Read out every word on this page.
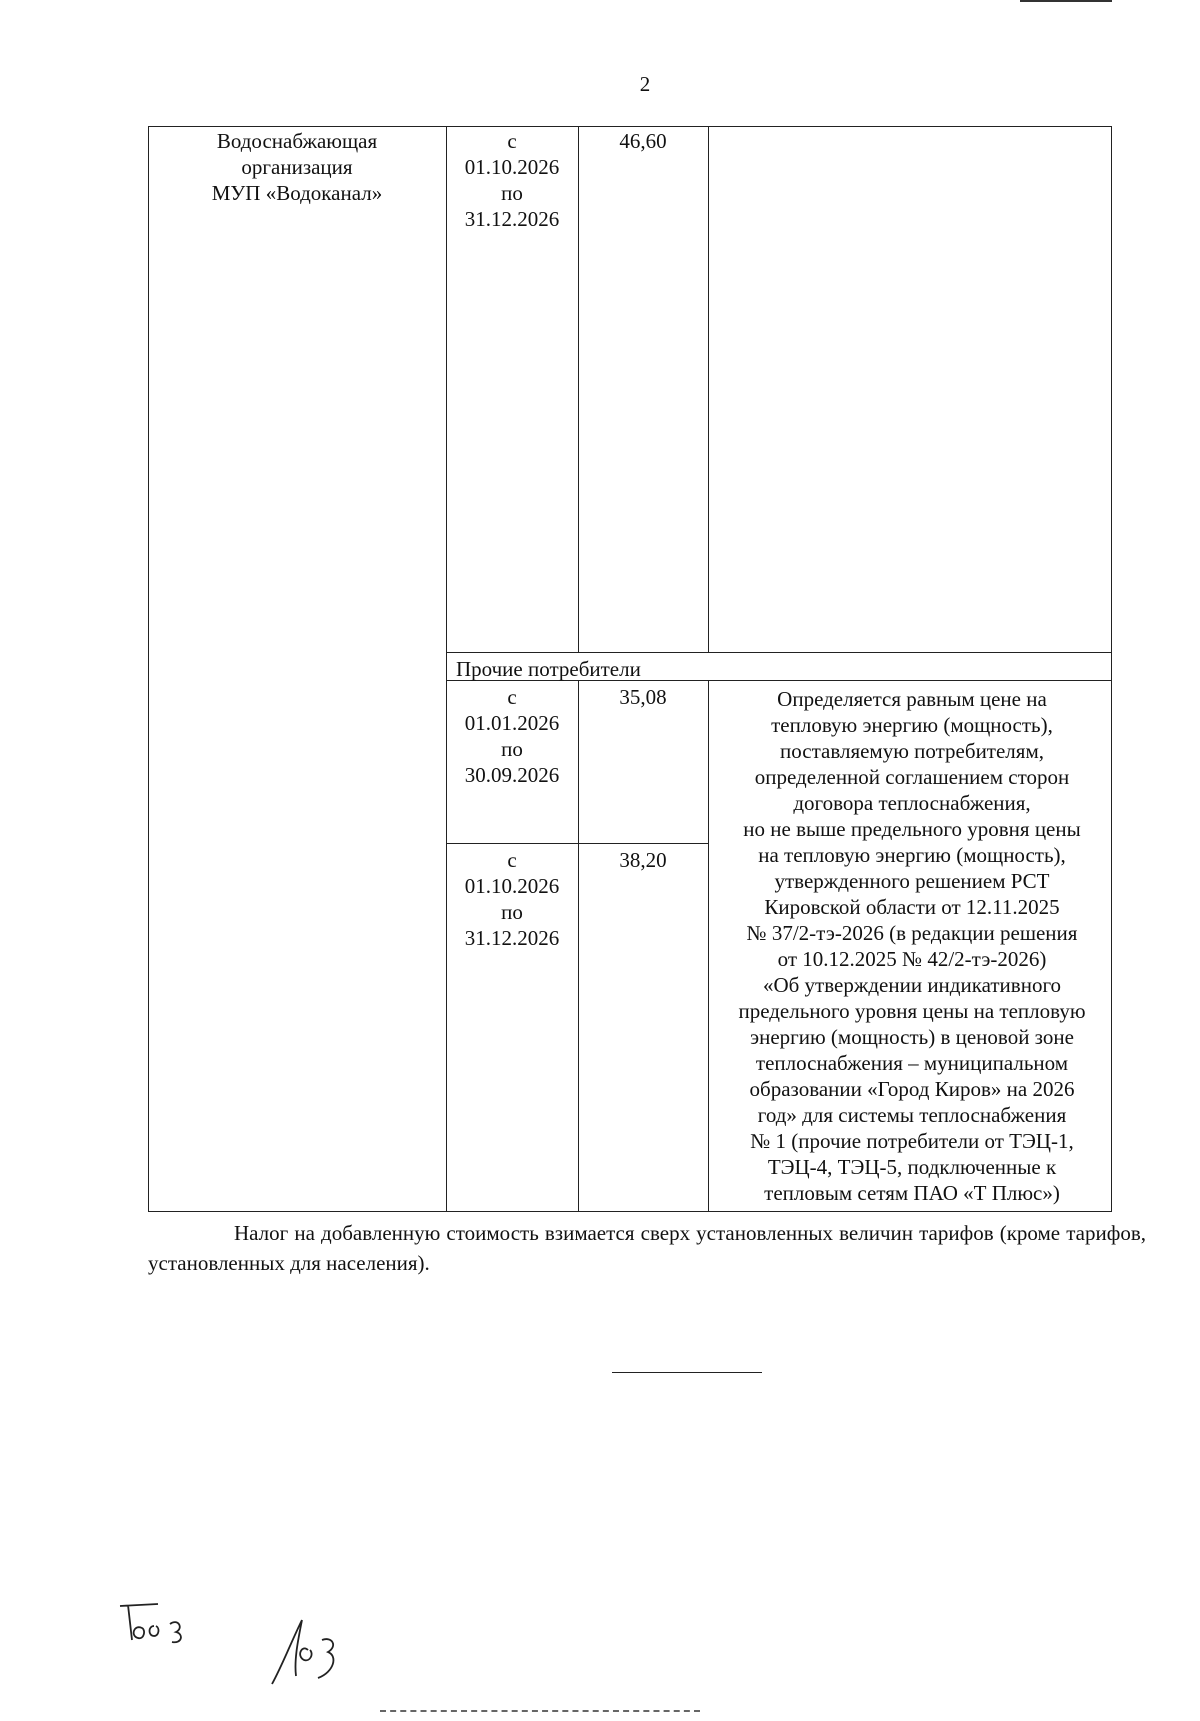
2
Водоснабжающая
организация
МУП «Водоканал»
с
01.10.2026
по
31.12.2026
46,60
Прочие потребители
с
01.01.2026
по
30.09.2026
35,08
с
01.10.2026
по
31.12.2026
38,20
Определяется равным цене на
тепловую энергию (мощность),
поставляемую потребителям,
определенной соглашением сторон
договора теплоснабжения,
но не выше предельного уровня цены
на тепловую энергию (мощность),
утвержденного решением РСТ
Кировской области от 12.11.2025
№ 37/2-тэ-2026 (в редакции решения
от 10.12.2025 № 42/2-тэ-2026)
«Об утверждении индикативного
предельного уровня цены на тепловую
энергию (мощность) в ценовой зоне
теплоснабжения – муниципальном
образовании «Город Киров» на 2026
год» для системы теплоснабжения
№ 1 (прочие потребители от ТЭЦ-1,
ТЭЦ-4, ТЭЦ-5, подключенные к
тепловым сетям ПАО «Т Плюс»)
Налог на добавленную стоимость взимается сверх установленных величин тарифов (кроме тарифов, установленных для населения).
